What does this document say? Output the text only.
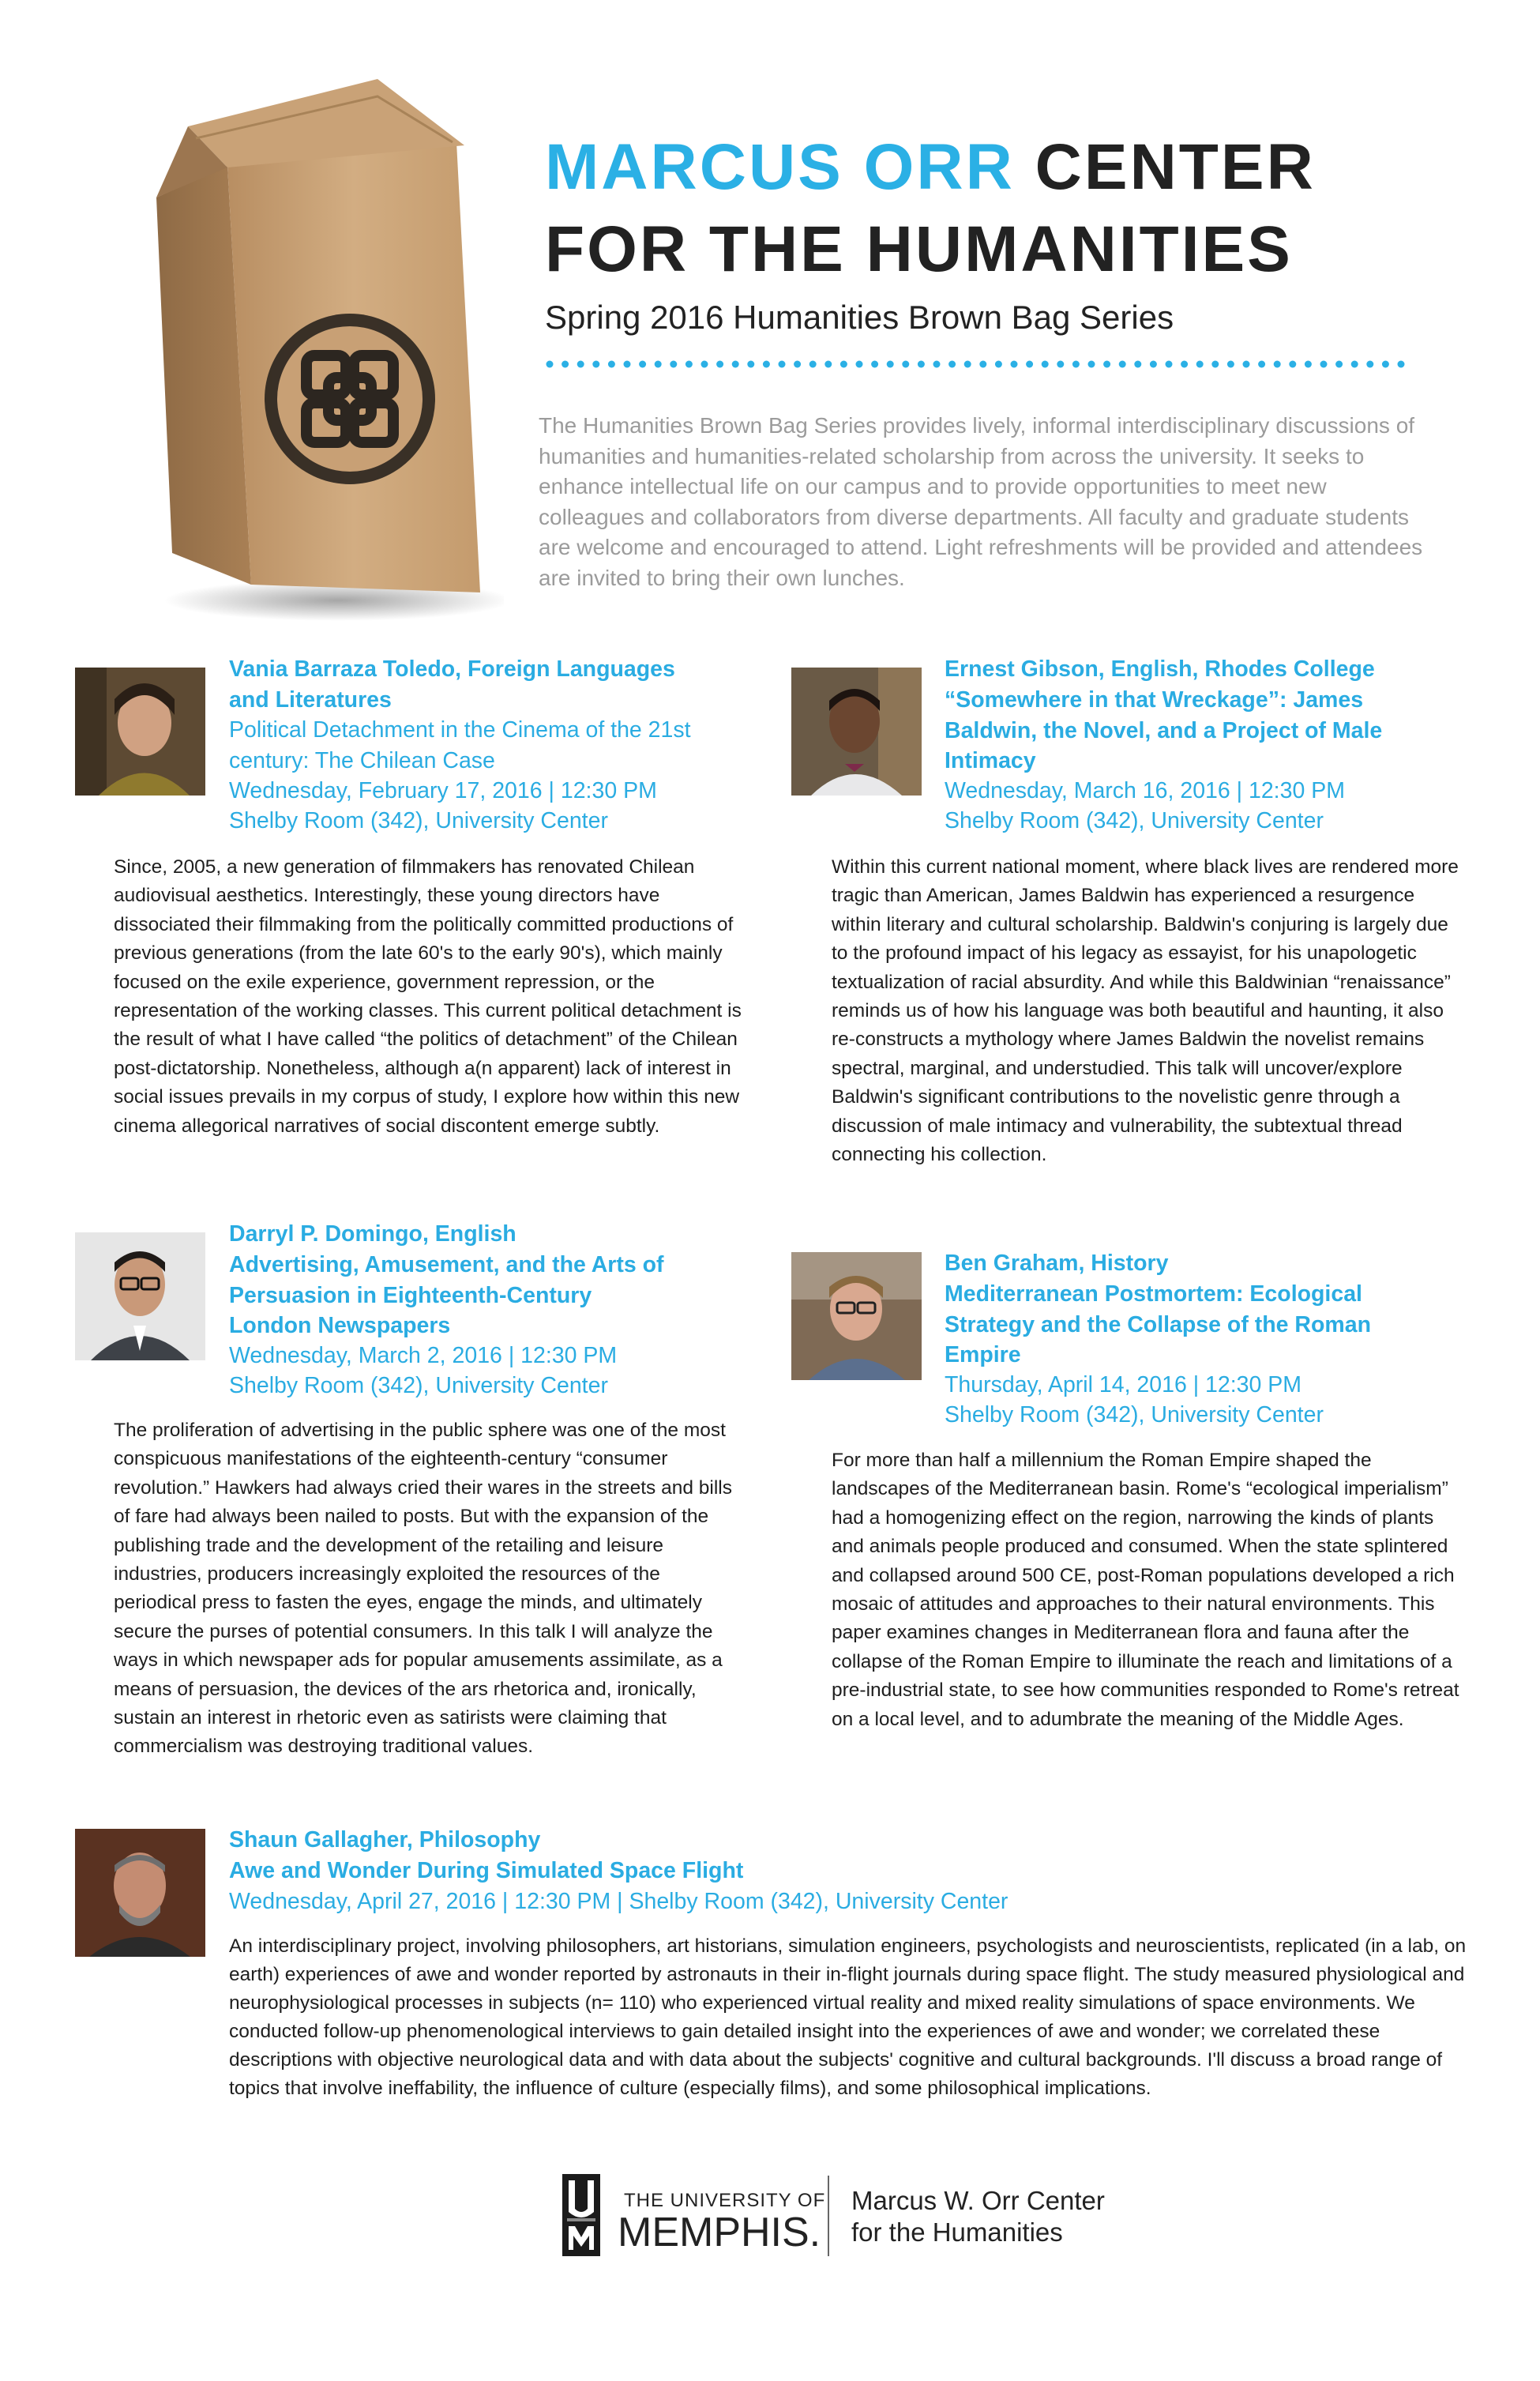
MARCUS ORR CENTER
FOR THE HUMANITIES
Spring 2016 Humanities Brown Bag Series
The Humanities Brown Bag Series provides lively, informal interdisciplinary discussions of humanities and humanities-related scholarship from across the university. It seeks to enhance intellectual life on our campus and to provide opportunities to meet new colleagues and collaborators from diverse departments. All faculty and graduate students are welcome and encouraged to attend. Light refreshments will be provided and attendees are invited to bring their own lunches.
Vania Barraza Toledo, Foreign Languages and Literatures
Political Detachment in the Cinema of the 21st century: The Chilean Case
Wednesday, February 17, 2016 | 12:30 PM
Shelby Room (342), University Center
Since, 2005, a new generation of filmmakers has renovated Chilean audiovisual aesthetics. Interestingly, these young directors have dissociated their filmmaking from the politically committed productions of previous generations (from the late 60's to the early 90's), which mainly focused on the exile experience, government repression, or the representation of the working classes. This current political detachment is the result of what I have called “the politics of detachment” of the Chilean post-dictatorship. Nonetheless, although a(n apparent) lack of interest in social issues prevails in my corpus of study, I explore how within this new cinema allegorical narratives of social discontent emerge subtly.
Ernest Gibson, English, Rhodes College
“Somewhere in that Wreckage”: James Baldwin, the Novel, and a Project of Male Intimacy
Wednesday, March 16, 2016 | 12:30 PM
Shelby Room (342), University Center
Within this current national moment, where black lives are rendered more tragic than American, James Baldwin has experienced a resurgence within literary and cultural scholarship. Baldwin's conjuring is largely due to the profound impact of his legacy as essayist, for his unapologetic textualization of racial absurdity. And while this Baldwinian “renaissance” reminds us of how his language was both beautiful and haunting, it also re-constructs a mythology where James Baldwin the novelist remains spectral, marginal, and understudied. This talk will uncover/explore Baldwin's significant contributions to the novelistic genre through a discussion of male intimacy and vulnerability, the subtextual thread connecting his collection.
Darryl P. Domingo, English
Advertising, Amusement, and the Arts of Persuasion in Eighteenth-Century London Newspapers
Wednesday, March 2, 2016 | 12:30 PM
Shelby Room (342), University Center
The proliferation of advertising in the public sphere was one of the most conspicuous manifestations of the eighteenth-century “consumer revolution.” Hawkers had always cried their wares in the streets and bills of fare had always been nailed to posts. But with the expansion of the publishing trade and the development of the retailing and leisure industries, producers increasingly exploited the resources of the periodical press to fasten the eyes, engage the minds, and ultimately secure the purses of potential consumers. In this talk I will analyze the ways in which newspaper ads for popular amusements assimilate, as a means of persuasion, the devices of the ars rhetorica and, ironically, sustain an interest in rhetoric even as satirists were claiming that commercialism was destroying traditional values.
Ben Graham, History
Mediterranean Postmortem: Ecological Strategy and the Collapse of the Roman Empire
Thursday, April 14, 2016 | 12:30 PM
Shelby Room (342), University Center
For more than half a millennium the Roman Empire shaped the landscapes of the Mediterranean basin. Rome's “ecological imperialism” had a homogenizing effect on the region, narrowing the kinds of plants and animals people produced and consumed. When the state splintered and collapsed around 500 CE, post-Roman populations developed a rich mosaic of attitudes and approaches to their natural environments. This paper examines changes in Mediterranean flora and fauna after the collapse of the Roman Empire to illuminate the reach and limitations of a pre-industrial state, to see how communities responded to Rome's retreat on a local level, and to adumbrate the meaning of the Middle Ages.
Shaun Gallagher, Philosophy
Awe and Wonder During Simulated Space Flight
Wednesday, April 27, 2016 | 12:30 PM | Shelby Room (342), University Center
An interdisciplinary project, involving philosophers, art historians, simulation engineers, psychologists and neuroscientists, replicated (in a lab, on earth) experiences of awe and wonder reported by astronauts in their in-flight journals during space flight. The study measured physiological and neurophysiological processes in subjects (n= 110) who experienced virtual reality and mixed reality simulations of space environments. We conducted follow-up phenomenological interviews to gain detailed insight into the experiences of awe and wonder; we correlated these descriptions with objective neurological data and with data about the subjects' cognitive and cultural backgrounds. I'll discuss a broad range of topics that involve ineffability, the influence of culture (especially films), and some philosophical implications.
THE UNIVERSITY OF
MEMPHIS.
Marcus W. Orr Center
for the Humanities
